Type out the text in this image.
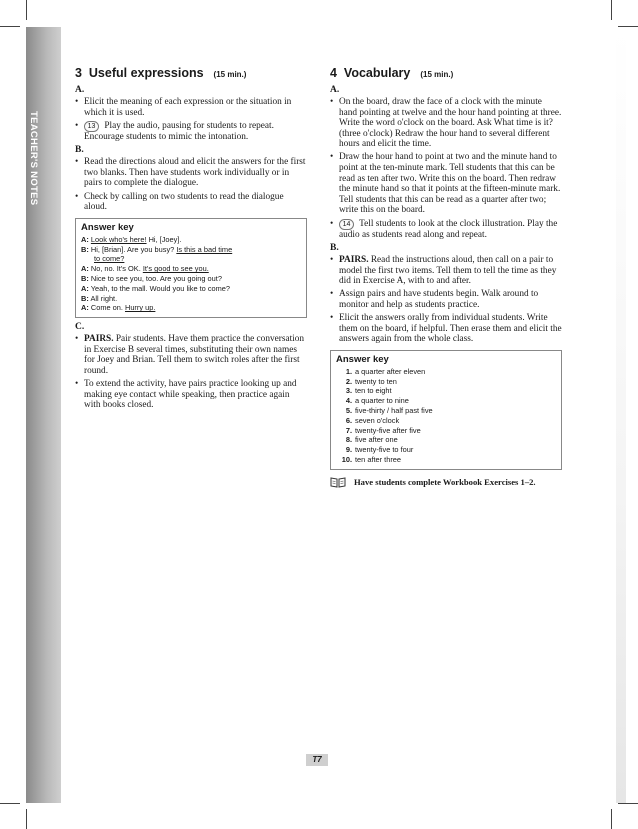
TEACHER'S NOTES
3 Useful expressions (15 min.)
A.
• Elicit the meaning of each expression or the situation in which it is used.
• 13 Play the audio, pausing for students to repeat. Encourage students to mimic the intonation.
B.
• Read the directions aloud and elicit the answers for the first two blanks. Then have students work individually or in pairs to complete the dialogue.
• Check by calling on two students to read the dialogue aloud.
Answer key
A: Look who's here! Hi, [Joey].
B: Hi, [Brian]. Are you busy? Is this a bad time
to come?
A: No, no. It's OK. It's good to see you.
B: Nice to see you, too. Are you going out?
A: Yeah, to the mall. Would you like to come?
B: All right.
A: Come on. Hurry up.
C.
• PAIRS. Pair students. Have them practice the conversation in Exercise B several times, substituting their own names for Joey and Brian. Tell them to switch roles after the first round.
• To extend the activity, have pairs practice looking up and making eye contact while speaking, then practice again with books closed.
4 Vocabulary (15 min.)
A.
• On the board, draw the face of a clock with the minute hand pointing at twelve and the hour hand pointing at three. Write the word o'clock on the board. Ask What time is it? (three o'clock) Redraw the hour hand to several different hours and elicit the time.
• Draw the hour hand to point at two and the minute hand to point at the ten-minute mark. Tell students that this can be read as ten after two. Write this on the board. Then redraw the minute hand so that it points at the fifteen-minute mark. Tell students that this can be read as a quarter after two; write this on the board.
• 14 Tell students to look at the clock illustration. Play the audio as students read along and repeat.
B.
• PAIRS. Read the instructions aloud, then call on a pair to model the first two items. Tell them to tell the time as they did in Exercise A, with to and after.
• Assign pairs and have students begin. Walk around to monitor and help as students practice.
• Elicit the answers orally from individual students. Write them on the board, if helpful. Then erase them and elicit the answers again from the whole class.
Answer key
1. a quarter after eleven
2. twenty to ten
3. ten to eight
4. a quarter to nine
5. five-thirty / half past five
6. seven o'clock
7. twenty-five after five
8. five after one
9. twenty-five to four
10. ten after three
Have students complete Workbook Exercises 1–2.
T7
